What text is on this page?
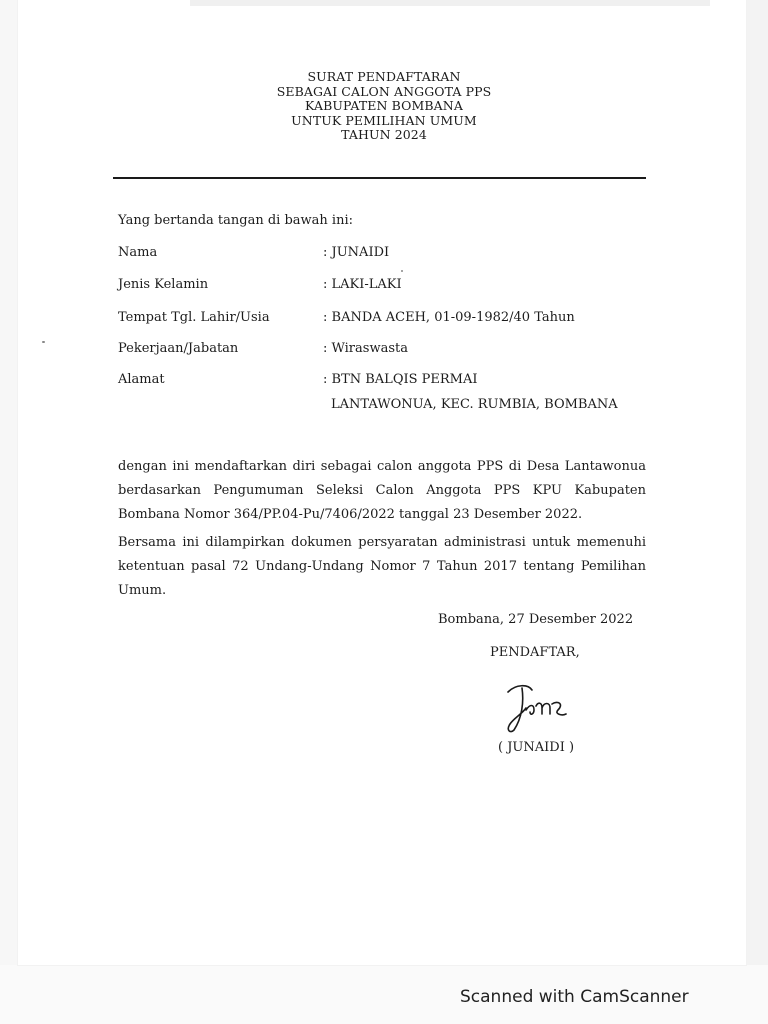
SURAT PENDAFTARAN
SEBAGAI CALON ANGGOTA PPS
KABUPATEN BOMBANA
UNTUK PEMILIHAN UMUM
TAHUN 2024
Yang bertanda tangan di bawah ini:
Nama	: JUNAIDI
Jenis Kelamin	: LAKI-LAKI
Tempat Tgl. Lahir/Usia	: BANDA ACEH, 01-09-1982/40 Tahun
Pekerjaan/Jabatan	: Wiraswasta
Alamat	: BTN BALQIS PERMAI
LANTAWONUA, KEC. RUMBIA, BOMBANA
dengan ini mendaftarkan diri sebagai calon anggota PPS di Desa Lantawonua
berdasarkan Pengumuman Seleksi Calon Anggota PPS KPU Kabupaten
Bombana Nomor 364/PP.04-Pu/7406/2022 tanggal 23 Desember 2022.
Bersama ini dilampirkan dokumen persyaratan administrasi untuk memenuhi
ketentuan pasal 72 Undang-Undang Nomor 7 Tahun 2017 tentang Pemilihan
Umum.
Bombana, 27 Desember 2022
PENDAFTAR,
( JUNAIDI )
Scanned with CamScanner
